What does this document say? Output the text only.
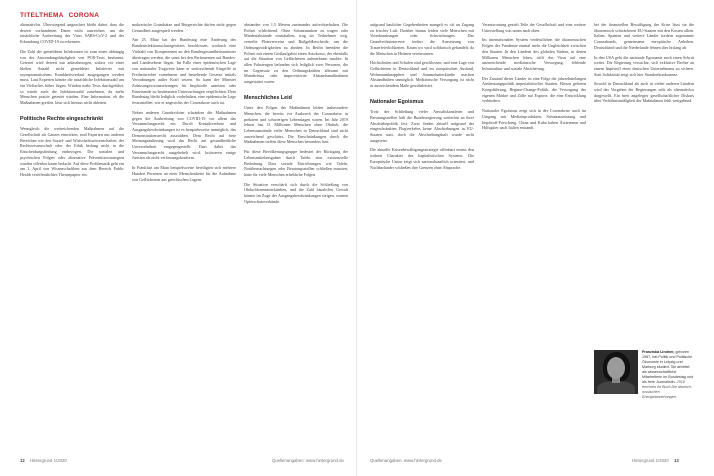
TITELTHEMA CORONA

alternativlos. Überwiegend ungeachtet bleibt dabei, dass die derzeit vorhandenen Daten nicht ausreichen, um die tatsächliche Ausbreitung des Virus SARS-CoV-2 und der Erkrankung COVID-19 zu erkennen.

Die Zahl der gemeldeten Infektionen ist zum einen abhängig von der Anwendungshäufigkeit von PCR-Tests bestimmt. Getestet wird derzeit nur anlassbezogen, sodass vor einer bloßen Anzahl nicht gemeldeter Infizierter mit asymptomatischem Krankheitsverlauf ausgegangen werden muss. Laut Experten könnte die tatsächliche Infektionszahl um ein Vielfaches höher liegen. Würden mehr Tests durchgeführt, so würde auch die Infektionszahl zunehmen, da mehr Menschen positiv getestet würden. Eine Information, ob die Maßnahmen greifen, lässt sich hieraus nicht ableiten.

Politische Rechte eingeschränkt

Wenngleich die weitreichenden Maßnahmen auf die Gesellschaft als Ganzes einwirken, sind Experten aus anderen Bereichen wie den Sozial- und Wirtschaftswissenschaften, der Rechtswissenschaft oder der Ethik bislang nicht in die Entscheidungsfindung einbezogen. Die sozialen und psychischen Folgen oder alternative Präventionsstrategien wurden offenbar kaum bedacht. Auf diese Problematik geht ein am 1. April von Wissenschaftlern aus dem Bereich Public Health veröffentlichtes Thesenpapier ein.

mokratische Grundsätze und Bürgerrechte dürfen nicht gegen Gesundheit ausgespielt werden.

Am 25. März hat der Bundestag eine Änderung des Bundesinfektionsschutzgesetzes beschlossen, wodurch eine Vielzahl von Kompetenzen an den Bundesgesundheitsminister übertragen werden, die sonst bei den Parlamenten auf Bundes- und Landesebene liegen. Im Falle einer epidemischen Lage von nationaler Tragweite kann er weitreichende Eingriffe in Freiheitsrechte vornehmen und bestehende Gesetze mittels Verordnungen außer Kraft setzen. So kann der Minister Zulassungsvoraussetzungen für Impfstoffe ansetzen oder Einreisende zu bestimmten Untersuchungen verpflichten. Dem Bundestag bleibt lediglich vorbehalten, eine epidemische Lage festzustellen, wie er angesichts der Coronakrise auch tat.

Neben anderen Grundrechten schränken die Maßnahmen gegen die Ausbreitung von COVID-19 vor allem das Versammlungsrecht ein. Durch Kontaktverbote und Ausgangsbeschränkungen ist es beispielsweise unmöglich, das Demonstrationsrecht auszuüben. Dem Recht auf freie Meinungsäußerung wird das Recht auf gesundheitliche Unversehrtheit entgegengestellt. Dass dabei das Versammlungsrecht ausgehebelt wird, kritisieren einige Juristen als nicht verfassungskonform.

In Frankfurt am Main beispielsweise beteiligten sich mehrere Hundert Personen an einer Menschenkette für die Aufnahme von Geflüchteten aus griechischen Lagern.

abstanden von 1,5 Metern zueinander aufrechterhalten. Die Polizei schlichtend. Ohne Schutzmasken zu tragen oder Mindestabstände einzuhalten, trug sie Teilnehmer weg, verteilte Platzverweise und Bußgeldbescheide, um die Ordnungswidrigkeiten zu ahnden. In Berlin beendete die Polizei mit einem Großaufgebot einen Autokorso, der ebenfalls auf die Situation von Geflüchteten aufmerksam machte. In allen Fahrzeugen befanden sich lediglich zwei Personen, die im Gegensatz zu den Ordnungskräften allesamt mit Mundschutz oder improvisierter Abstandsmaßnahmen ausgestattet waren.

Menschliches Leid

Unter den Folgen der Maßnahmen leiden insbesondere Menschen, die bereits vor Ausbruch der Coronakrise in prekären und schwierigen Lebenslagen waren. Im Jahr 2019 lebten fast 11 Millionen Menschen ohne Obdach, die Lebensumstände vieler Menschen in Deutschland sind nicht ausreichend geschützt. Die Einschränkungen durch die Maßnahmen treffen diese Menschen besonders hart.

Für diese Bevölkerungsgruppe bedeutet der Rückgang der Lebensmittelausgaben durch Tafeln eine existenzielle Bedrohung. Dass soziale Einrichtungen wie Tafeln, Notübernachtungen oder Beratungsstellen schließen mussten, hatte für viele Menschen erhebliche Folgen.

Die Situation verschärft sich durch die Schließung von Obdachlosenunterkünften, und die Zahl häuslicher Gewalt könnte im Zuge der Ausgangsbeschränkungen steigen, warnen Opferschutzverbände.

aufgrund baulicher Gegebenheiten mangelt es oft an Zugang zu frischer Luft. Darüber hinaus leiden viele Menschen mit Vorerkrankungen oder Schwächungen. Das Grundrechtsinteresse fordert die Aussetzung von Trauerfeierlichkeiten. Kaum wo wird solidarisch gehandelt, da die Menschen in Heimen vereinsamen.

Hochschulen und Schulen sind geschlossen, und eine Lage von Geflüchteten in Deutschland und im europäischen Ausland, Wohnraumknappheit und Sammelunterkünfte machen Abstandhalten unmöglich. Medizinische Versorgung ist nicht in ausreichendem Maße gewährleistet.

Nationaler Egoismus

Trotz der Schließung vieler Anwaltskanzleien und Beratungsstellen hält die Bundesregierung weiterhin an ihrer Abschiebepolitik fest. Zwar finden aktuell aufgrund der eingeschränkten Flugverkehrs keine Abschiebungen in EU-Staaten statt, doch die Abschiebungshaft wurde nicht ausgesetzt.

Die aktuelle Krisenbewältigungsstrategie offenbart erneut den wahren Charakter des kapitalistischen Systems. Die Europäische Union zeigt sich nationalstaatlich orientiert, und Nachbarländer schließen ihre Grenzen ohne Absprache.

Verantwortung gezielt Teile der Gesellschaft und eine weitere Unterstellung von unten nach oben.

Im internationalen System verdeutlichen die ökonomischen Folgen der Pandemie einmal mehr die Ungleichheit zwischen den Staaten. In den Ländern des globalen Südens, in denen Millionen Menschen leben, trifft das Virus auf eine unzureichende medizinische Versorgung, fehlende Infrastruktur und soziale Absicherung.

Der Zustand dieser Länder ist eine Folge der jahrzehntelangen Ausbeutungspolitik imperialistischer Staaten. Hierzu gehören Kriegsführung, Regime-Change-Politik, die Versorgung der eigenen Märkte und Zölle auf Exporte, die eine Entwicklung verhindern.

Nationaler Egoismus zeigt sich in der Coronakrise auch im Umgang mit Medizinprodukten, Schutzausrüstung und Impfstoff-Forschung. China und Kuba haben Ärzteteams und Hilfsgüter nach Italien entsandt.

bei der finanziellen Bewältigung der Krise lässt sie die ökonomisch schwächeren EU-Staaten mit den Kosten allein. Italien, Spanien und weitere Länder fordern sogenannte Coronabonds, gemeinsame europäische Anleihen. Deutschland und die Niederlande lehnen dies bislang ab.

In den USA geht die nationale Egomanie noch einen Schritt weiter. Die Regierung versuchte, sich exklusive Rechte an einem Impfstoff eines deutschen Unternehmens zu sichern. Statt Solidarität zeigt sich hier Standortkonkurrenz.

Sowohl in Deutschland als auch in vielen anderen Ländern wird das Vorgehen der Regierungen teils als alternativlos dargestellt. Ein breit angelegter gesellschaftlicher Diskurs über Verhältnismäßigkeit der Maßnahmen fehlt weitgehend.

Franziska Lindner, geboren 1987, hat Politik und Politische Ökonomie in Leipzig und Marburg studiert. Sie arbeitet als wissenschaftliche Mitarbeiterin im Bundestag und als freie Journalistin. 2018 erschien ihr Buch Die deutsch-russischen Energiebeziehungen.
12 Hintergrund 1/2020	Quellenangaben: www.hintergrund.de	Quellenangaben: www.hintergrund.de	Hintergrund 1/2020 13
